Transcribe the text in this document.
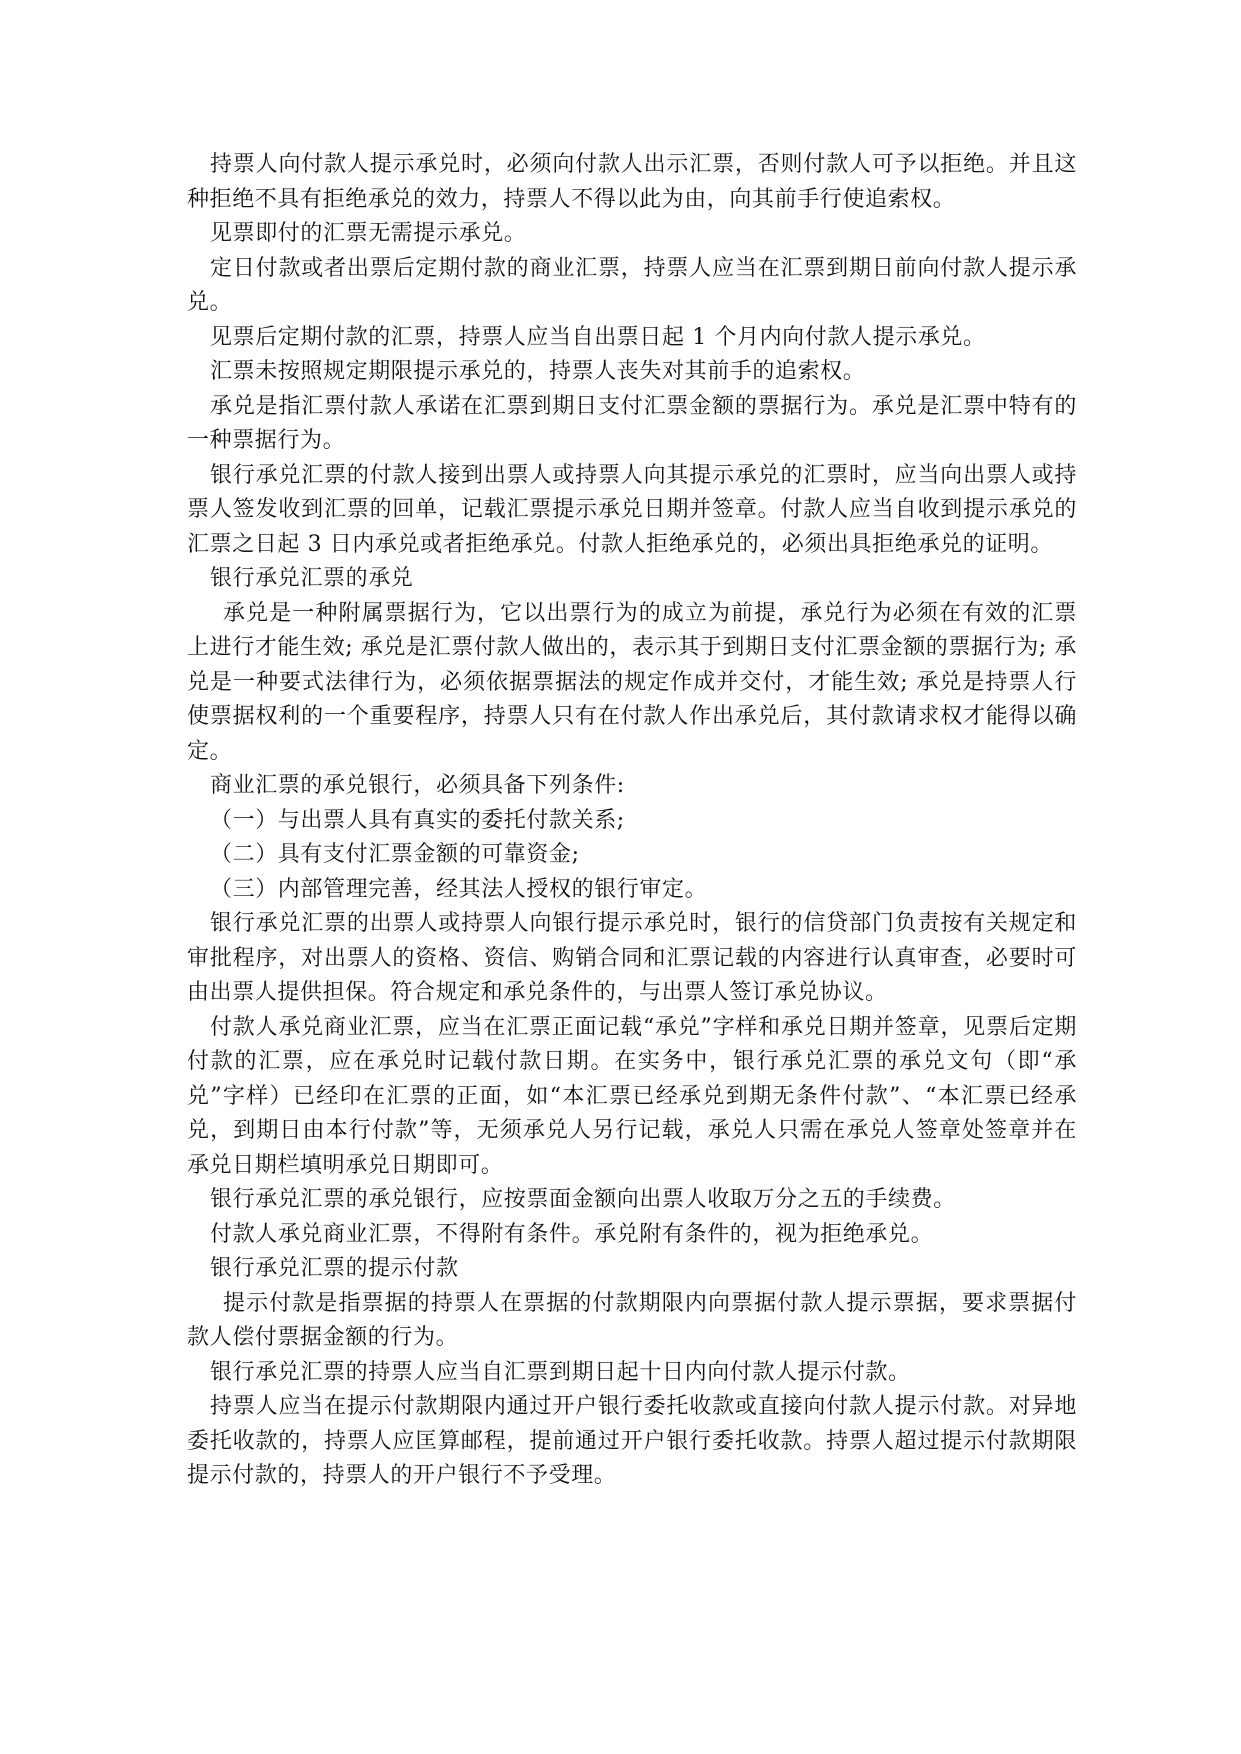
持票人向付款人提示承兑时，必须向付款人出示汇票，否则付款人可予以拒绝。并且这种拒绝不具有拒绝承兑的效力，持票人不得以此为由，向其前手行使追索权。

见票即付的汇票无需提示承兑。

定日付款或者出票后定期付款的商业汇票，持票人应当在汇票到期日前向付款人提示承兑。

见票后定期付款的汇票，持票人应当自出票日起 1 个月内向付款人提示承兑。

汇票未按照规定期限提示承兑的，持票人丧失对其前手的追索权。

承兑是指汇票付款人承诺在汇票到期日支付汇票金额的票据行为。承兑是汇票中特有的一种票据行为。

银行承兑汇票的付款人接到出票人或持票人向其提示承兑的汇票时，应当向出票人或持票人签发收到汇票的回单，记载汇票提示承兑日期并签章。付款人应当自收到提示承兑的汇票之日起 3 日内承兑或者拒绝承兑。付款人拒绝承兑的，必须出具拒绝承兑的证明。

银行承兑汇票的承兑

承兑是一种附属票据行为，它以出票行为的成立为前提，承兑行为必须在有效的汇票上进行才能生效; 承兑是汇票付款人做出的，表示其于到期日支付汇票金额的票据行为; 承兑是一种要式法律行为，必须依据票据法的规定作成并交付，才能生效; 承兑是持票人行使票据权利的一个重要程序，持票人只有在付款人作出承兑后，其付款请求权才能得以确定。

商业汇票的承兑银行，必须具备下列条件:

（一）与出票人具有真实的委托付款关系;

（二）具有支付汇票金额的可靠资金;

（三）内部管理完善，经其法人授权的银行审定。

银行承兑汇票的出票人或持票人向银行提示承兑时，银行的信贷部门负责按有关规定和审批程序，对出票人的资格、资信、购销合同和汇票记载的内容进行认真审查，必要时可由出票人提供担保。符合规定和承兑条件的，与出票人签订承兑协议。

付款人承兑商业汇票，应当在汇票正面记载“承兑”字样和承兑日期并签章，见票后定期付款的汇票，应在承兑时记载付款日期。在实务中，银行承兑汇票的承兑文句（即“承兑”字样）已经印在汇票的正面，如“本汇票已经承兑到期无条件付款”、“本汇票已经承兑，到期日由本行付款”等，无须承兑人另行记载，承兑人只需在承兑人签章处签章并在承兑日期栏填明承兑日期即可。

银行承兑汇票的承兑银行，应按票面金额向出票人收取万分之五的手续费。

付款人承兑商业汇票，不得附有条件。承兑附有条件的，视为拒绝承兑。

银行承兑汇票的提示付款

提示付款是指票据的持票人在票据的付款期限内向票据付款人提示票据，要求票据付款人偿付票据金额的行为。

银行承兑汇票的持票人应当自汇票到期日起十日内向付款人提示付款。

持票人应当在提示付款期限内通过开户银行委托收款或直接向付款人提示付款。对异地委托收款的，持票人应匡算邮程，提前通过开户银行委托收款。持票人超过提示付款期限提示付款的，持票人的开户银行不予受理。
